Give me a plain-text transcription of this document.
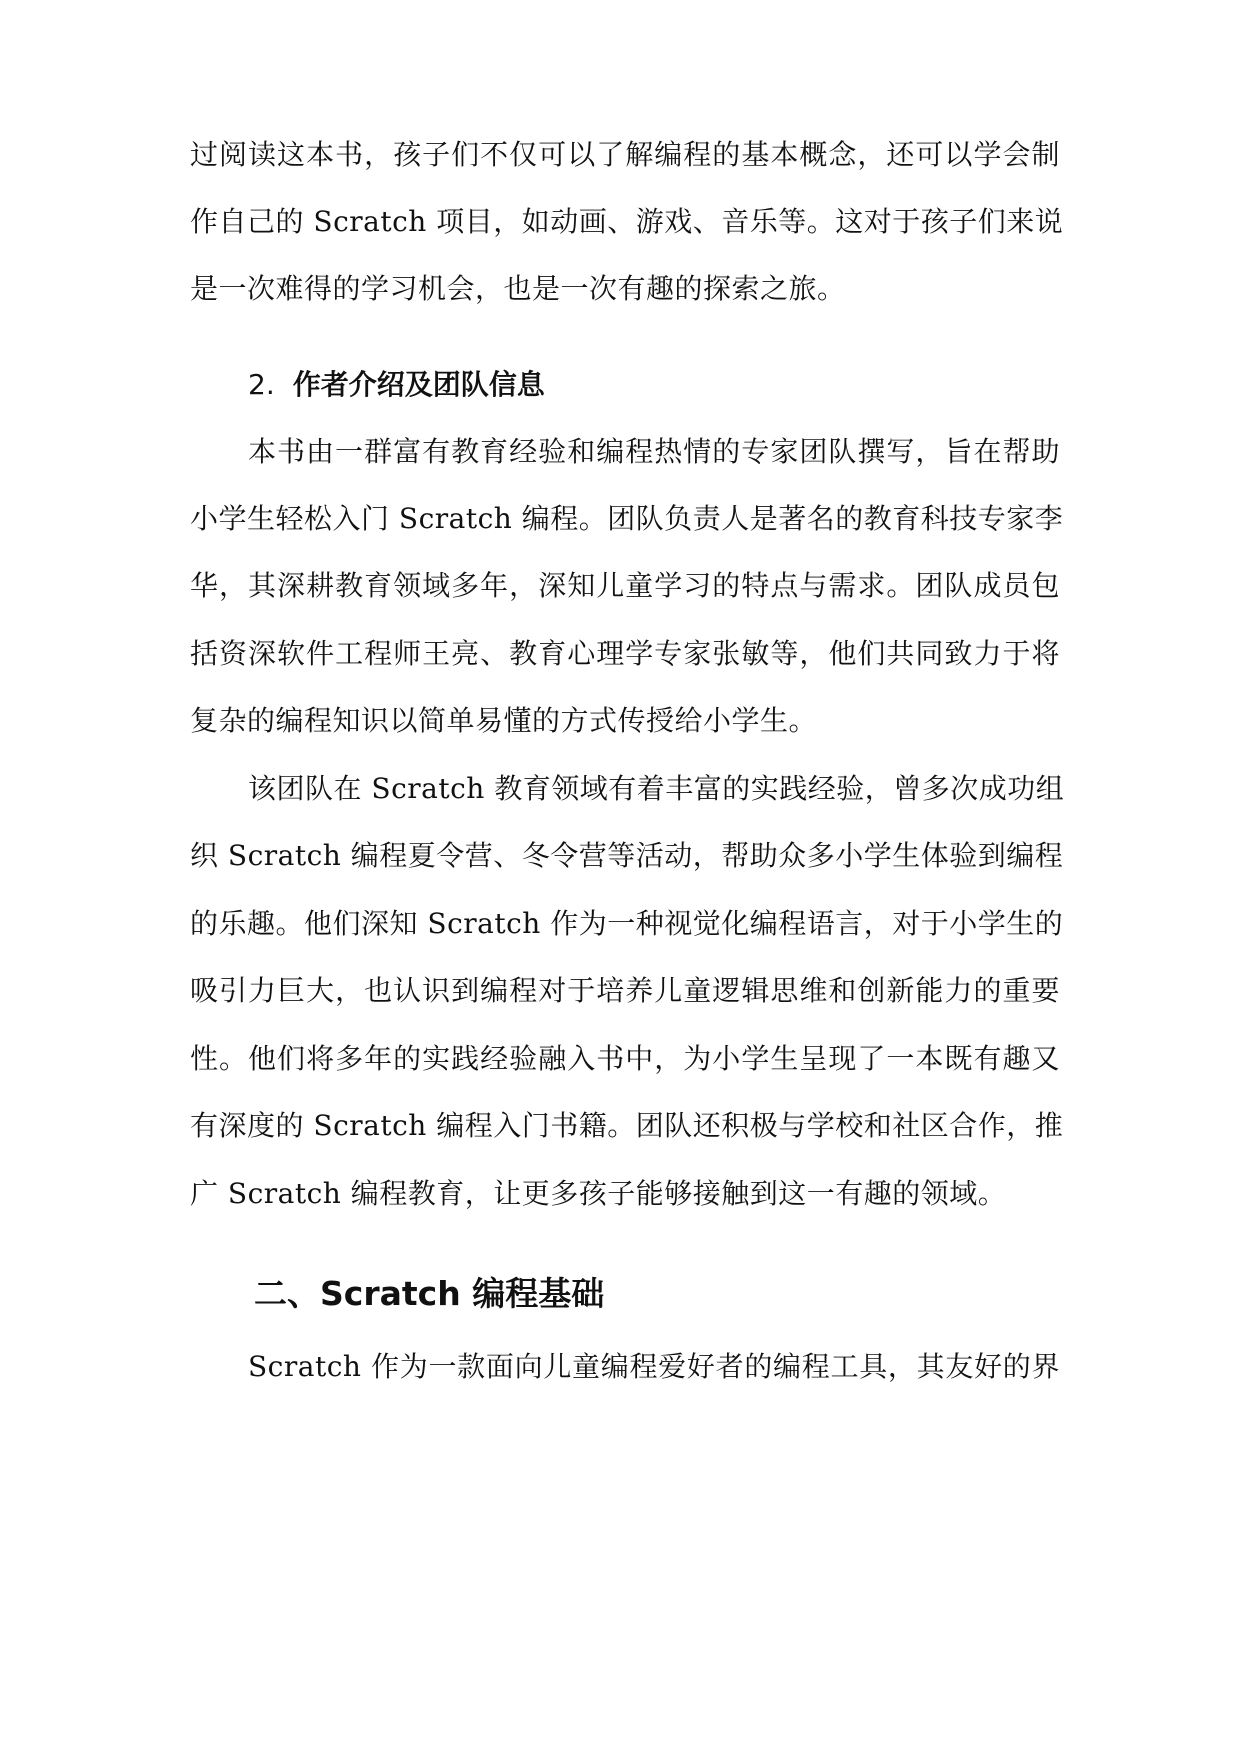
过阅读这本书，孩子们不仅可以了解编程的基本概念，还可以学会制
作自己的 Scratch 项目，如动画、游戏、音乐等。这对于孩子们来说
是一次难得的学习机会，也是一次有趣的探索之旅。
2. 作者介绍及团队信息
本书由一群富有教育经验和编程热情的专家团队撰写，旨在帮助
小学生轻松入门 Scratch 编程。团队负责人是著名的教育科技专家李
华，其深耕教育领域多年，深知儿童学习的特点与需求。团队成员包
括资深软件工程师王亮、教育心理学专家张敏等，他们共同致力于将
复杂的编程知识以简单易懂的方式传授给小学生。
该团队在 Scratch 教育领域有着丰富的实践经验，曾多次成功组
织 Scratch 编程夏令营、冬令营等活动，帮助众多小学生体验到编程
的乐趣。他们深知 Scratch 作为一种视觉化编程语言，对于小学生的
吸引力巨大，也认识到编程对于培养儿童逻辑思维和创新能力的重要
性。他们将多年的实践经验融入书中，为小学生呈现了一本既有趣又
有深度的 Scratch 编程入门书籍。团队还积极与学校和社区合作，推
广 Scratch 编程教育，让更多孩子能够接触到这一有趣的领域。
二、Scratch 编程基础
Scratch 作为一款面向儿童编程爱好者的编程工具，其友好的界
